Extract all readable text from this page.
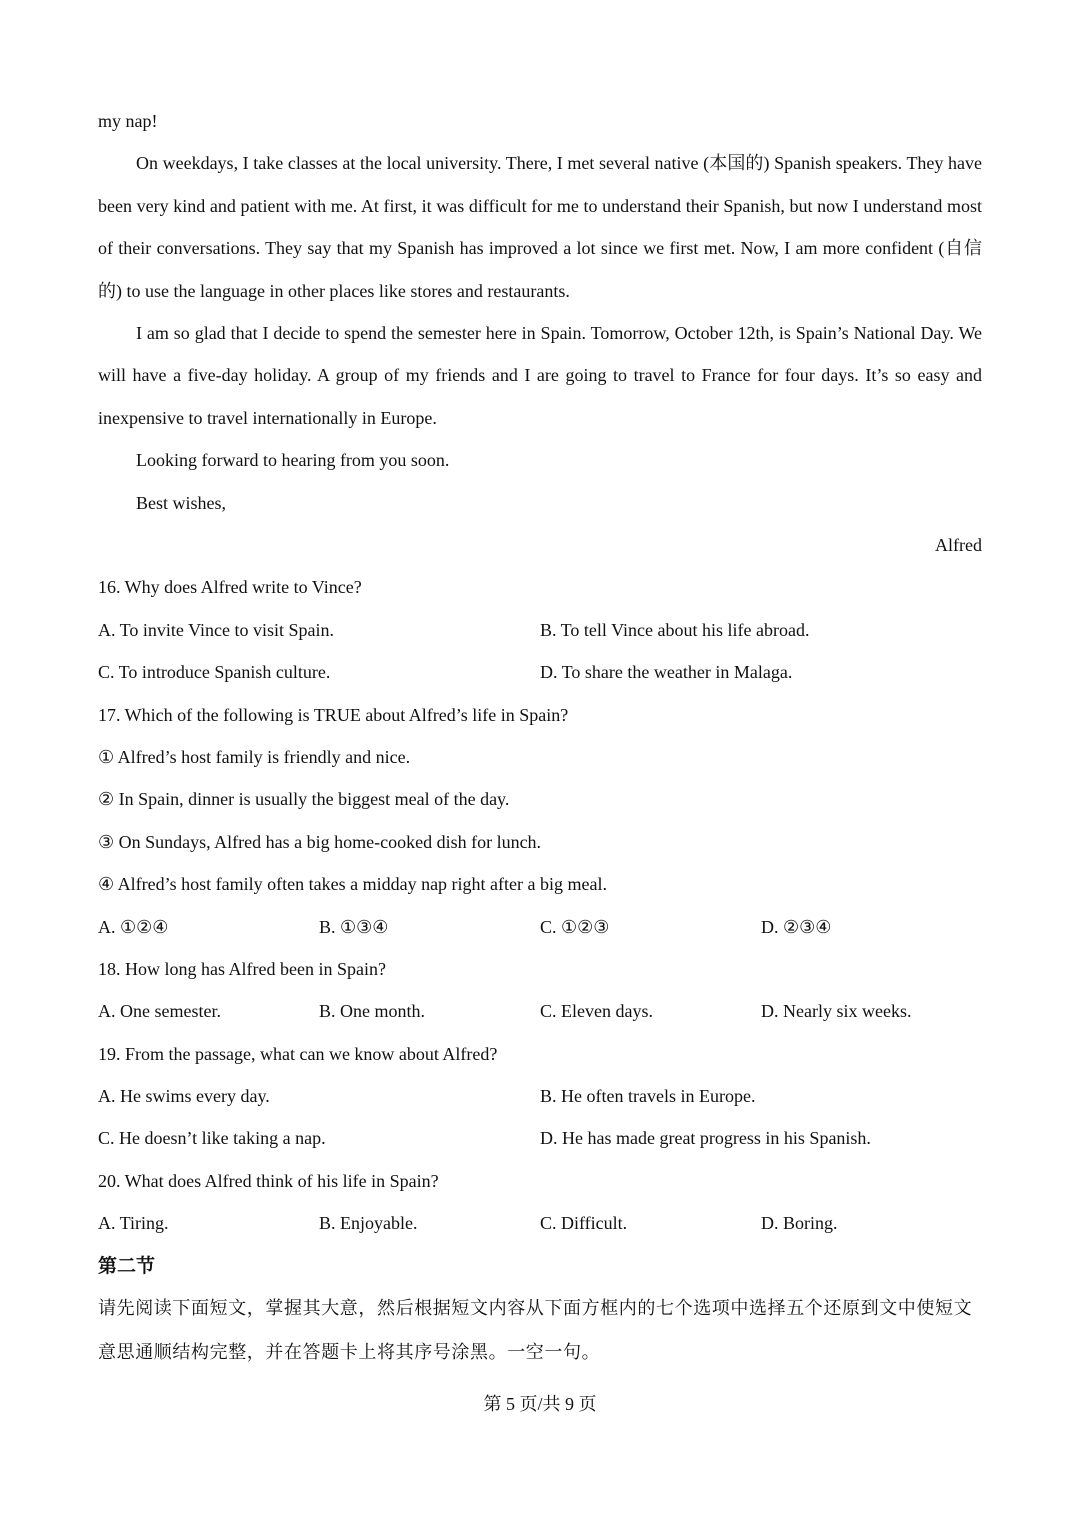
my nap!
On weekdays, I take classes at the local university. There, I met several native (本国的) Spanish speakers. They have been very kind and patient with me. At first, it was difficult for me to understand their Spanish, but now I understand most of their conversations. They say that my Spanish has improved a lot since we first met. Now, I am more confident (自信的) to use the language in other places like stores and restaurants.
I am so glad that I decide to spend the semester here in Spain. Tomorrow, October 12th, is Spain’s National Day. We will have a five-day holiday. A group of my friends and I are going to travel to France for four days. It’s so easy and inexpensive to travel internationally in Europe.
Looking forward to hearing from you soon.
Best wishes,
Alfred
16. Why does Alfred write to Vince?
A. To invite Vince to visit Spain.	B. To tell Vince about his life abroad.
C. To introduce Spanish culture.	D. To share the weather in Malaga.
17. Which of the following is TRUE about Alfred’s life in Spain?
① Alfred’s host family is friendly and nice.
② In Spain, dinner is usually the biggest meal of the day.
③ On Sundays, Alfred has a big home-cooked dish for lunch.
④ Alfred’s host family often takes a midday nap right after a big meal.
A. ①②④	B. ①③④	C. ①②③	D. ②③④
18. How long has Alfred been in Spain?
A. One semester.	B. One month.	C. Eleven days.	D. Nearly six weeks.
19. From the passage, what can we know about Alfred?
A. He swims every day.	B. He often travels in Europe.
C. He doesn’t like taking a nap.	D. He has made great progress in his Spanish.
20. What does Alfred think of his life in Spain?
A. Tiring.	B. Enjoyable.	C. Difficult.	D. Boring.
第二节
请先阅读下面短文，掌握其大意，然后根据短文内容从下面方框内的七个选项中选择五个还原到文中使短文意思通顺结构完整，并在答题卡上将其序号涂黑。一空一句。
第 5 页/共 9 页
